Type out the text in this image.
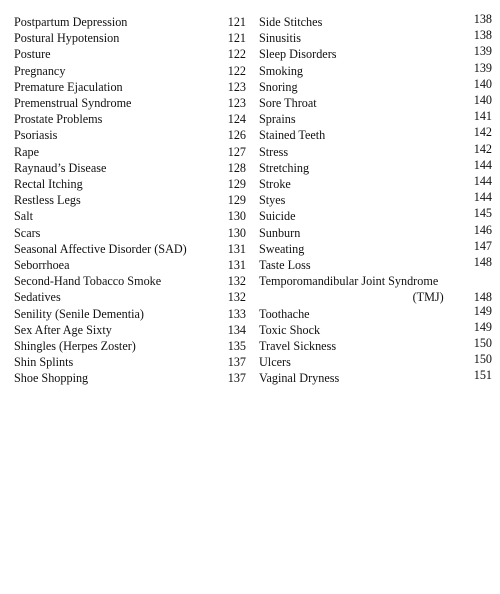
Postpartum Depression	121
Postural Hypotension	121
Posture	122
Pregnancy	122
Premature Ejaculation	123
Premenstrual Syndrome	123
Prostate Problems	124
Psoriasis	126
Rape	127
Raynaud’s Disease	128
Rectal Itching	129
Restless Legs	129
Salt	130
Scars	130
Seasonal Affective Disorder (SAD)	131
Seborrhoea	131
Second-Hand Tobacco Smoke	132
Sedatives	132
Senility (Senile Dementia)	133
Sex After Age Sixty	134
Shingles (Herpes Zoster)	135
Shin Splints	137
Shoe Shopping	137
Side Stitches	138
Sinusitis	138
Sleep Disorders	139
Smoking	139
Snoring	140
Sore Throat	140
Sprains	141
Stained Teeth	142
Stress	142
Stretching	144
Stroke	144
Styes	144
Suicide	145
Sunburn	146
Sweating	147
Taste Loss	148
Temporomandibular Joint Syndrome
(TMJ)	148
Toothache	149
Toxic Shock	149
Travel Sickness	150
Ulcers	150
Vaginal Dryness	151
